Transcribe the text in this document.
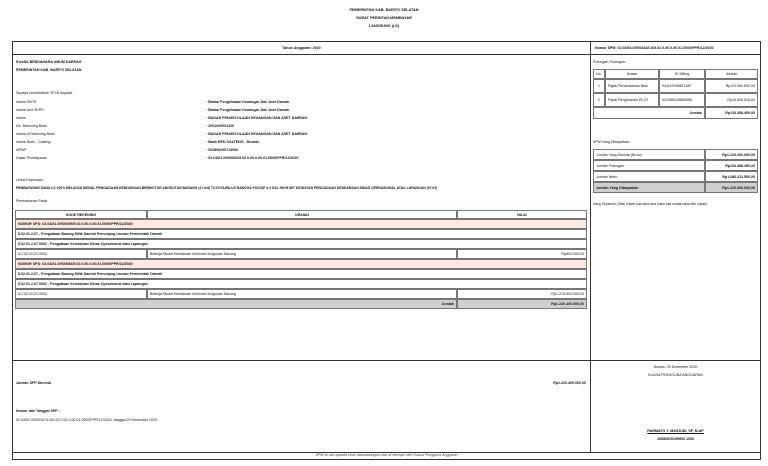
PEMERINTAH KAB. BARITO SELATAN
SURAT PERINTAH MEMBAYAR
LANGSUNG (LS)
Tahun Anggaran: 2020	Nomor SPM: 02.04/03.0/000444/LS/5.02.0.00.0.00.01.0000/PPR/12/2020
KUASA BENDAHARA UMUM DAERAH
PEMERINTAH KAB. BARITO SELATAN
Supaya menerbitkan SP2D kepada:
Nama SKPD	: Badan Pengelolaan Keuangan Dan Aset Daerah
Nama Unit SKPD	: Badan Pengelolaan Keuangan Dan Aset Daerah
Nama	: BADAN PENGELOLAAN KEUANGAN DAN ASET DAERAH
No. Rekening Bank	: 2001020001320
Nama di Rekening Bank	: BADAN PENGELOLAAN KEUANGAN DAN ASET DAERAH
Nama Bank - Cabang	: Bank BPD KALTENG - Buntok
NPWP	: 002890200714000
Dasar Pembayaran	: 02.04/01.0/000062/5.02.0.00.0.00.01.0000/PPR/12/2020
Untuk Keperluan:
PEMBAYARAN DANA LS 100% BELANJA MODAL PENGADAAN KENDARAAN BERMOTOR ANGKUTAN BARANG (4 Unit) TOYOTA/HILUX RANGGA PICKUP 2.4 DSL HIGH M/T KEGIATAN PENGADAAN KENDARAAN DINAS OPERASIONAL ATAU LAPANGAN (97.02)
Pembebanan Pada:
KODE REKENING	URAIAN	NILAI
NOMOR SPD: 02.04/01.0/000059/5.02.0.00.0.00.01.0000/PPR/12/2020
5.02.01.2.07 - Pengadaan Barang Milik Daerah Penunjang Urusan Pemerintah Daerah
5.02.01.2.07.0002 - Pengadaan Kendaraan Dinas Operasional atau Lapangan
5.2.02.02.01.0003	Belanja Modal Kendaraan Bermotor Angkutan Barang	Rp800.000,00
NOMOR SPD: 02.04/01.0/000084/5.02.0.00.0.00.01.0000/PPR/12/2020
5.02.01.2.07 - Pengadaan Barang Milik Daerah Penunjang Urusan Pemerintah Daerah
5.02.01.2.07.0002 - Pengadaan Kendaraan Dinas Operasional atau Lapangan
5.2.02.02.01.0003	Belanja Modal Kendaraan Bermotor Angkutan Barang	Rp1.219.600.000,00
Jumlah	Rp1.220.400.000,00
Potongan-Potongan:
No.	Uraian	ID Billing	Jumlah
1	Pajak Pertambahan Nilai	041109398871657	Rp110.951.832,00
2	Pajak Penghasilan Ps 22	041086419860556	Rp16.836.618,00
Jumlah	Rp134.388.450,00
SPM Yang Dibayarkan:
Jumlah Yang Diminta (Bruto)	Rp1.220.400.000,00
Jumlah Potongan	Rp134.388.450,00
Jumlah Netto	Rp1.086.011.550,00
Jumlah Yang Dibayarkan	Rp1.220.400.000,00
Uang Sejumlah: (Satu milyar dua ratus dua puluh juta empat ratus ribu rupiah)
Jumlah SPP Diminta	Rp1.220.400.000,00
Nomor dan Tanggal SPP :
02.04/02.0/000347/LS/5.02.0.00.0.00.01.0000/PPR/12/2020, tanggal 29 Desember 2020
Buntok, 29 Desember 2020
KUASA PENGGUNA ANGGARAN
RAHMATO Y. MASJUDI, SP, M.AP
19680620199903 1006
SPM ini sah apabila telah ditandatangani dan di stempel oleh Kuasa Pengguna Anggaran
